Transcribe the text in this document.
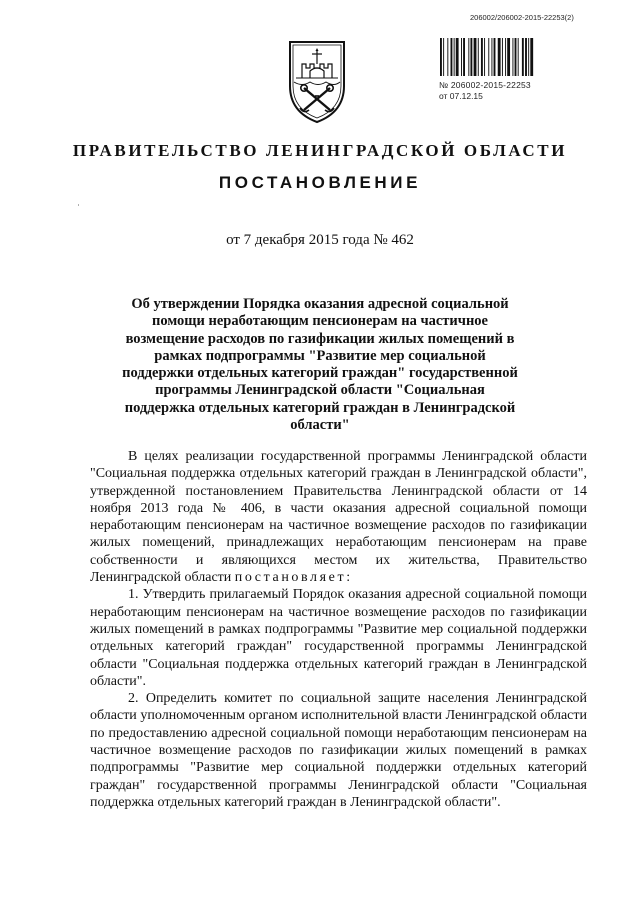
206002/206002-2015-22253(2)
№ 206002-2015-22253
от 07.12.15
ПРАВИТЕЛЬСТВО ЛЕНИНГРАДСКОЙ ОБЛАСТИ
ПОСТАНОВЛЕНИЕ
ʿ
от 7 декабря 2015 года № 462
Об утверждении Порядка оказания адресной социальной помощи неработающим пенсионерам на частичное возмещение расходов по газификации жилых помещений в рамках подпрограммы "Развитие мер социальной поддержки отдельных категорий граждан" государственной программы Ленинградской области "Социальная поддержка отдельных категорий граждан в Ленинградской области"

В целях реализации государственной программы Ленинградской области "Социальная поддержка отдельных категорий граждан в Ленинградской области", утвержденной постановлением Правительства Ленинградской области от 14 ноября 2013 года № 406, в части оказания адресной социальной помощи неработающим пенсионерам на частичное возмещение расходов по газификации жилых помещений, принадлежащих неработающим пенсионерам на праве собственности и являющихся местом их жительства, Правительство Ленинградской области постановляет:

1. Утвердить прилагаемый Порядок оказания адресной социальной помощи неработающим пенсионерам на частичное возмещение расходов по газификации жилых помещений в рамках подпрограммы "Развитие мер социальной поддержки отдельных категорий граждан" государственной программы Ленинградской области "Социальная поддержка отдельных категорий граждан в Ленинградской области".

2. Определить комитет по социальной защите населения Ленинградской области уполномоченным органом исполнительной власти Ленинградской области по предоставлению адресной социальной помощи неработающим пенсионерам на частичное возмещение расходов по газификации жилых помещений в рамках подпрограммы "Развитие мер социальной поддержки отдельных категорий граждан" государственной программы Ленинградской области "Социальная поддержка отдельных категорий граждан в Ленинградской области".
